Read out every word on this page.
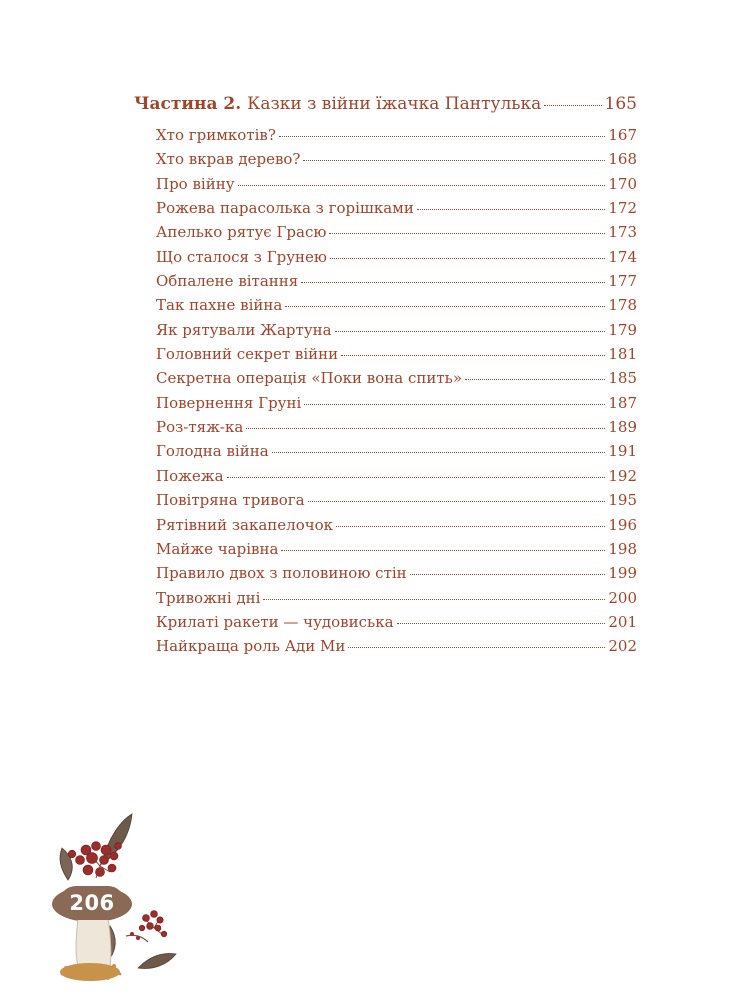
Частина 2. Казки з війни їжачка Пантулька	165
Хто гримкотів?	167
Хто вкрав дерево?	168
Про війну	170
Рожева парасолька з горішками	172
Апелько рятує Грасю	173
Що сталося з Грунею	174
Обпалене вітання	177
Так пахне війна	178
Як рятували Жартуна	179
Головний секрет війни	181
Секретна операція «Поки вона спить»	185
Повернення Груні	187
Роз-тяж-ка	189
Голодна війна	191
Пожежа	192
Повітряна тривога	195
Рятівний закапелочок	196
Майже чарівна	198
Правило двох з половиною стін	199
Тривожні дні	200
Крилаті ракети — чудовиська	201
Найкраща роль Ади Ми	202
206
